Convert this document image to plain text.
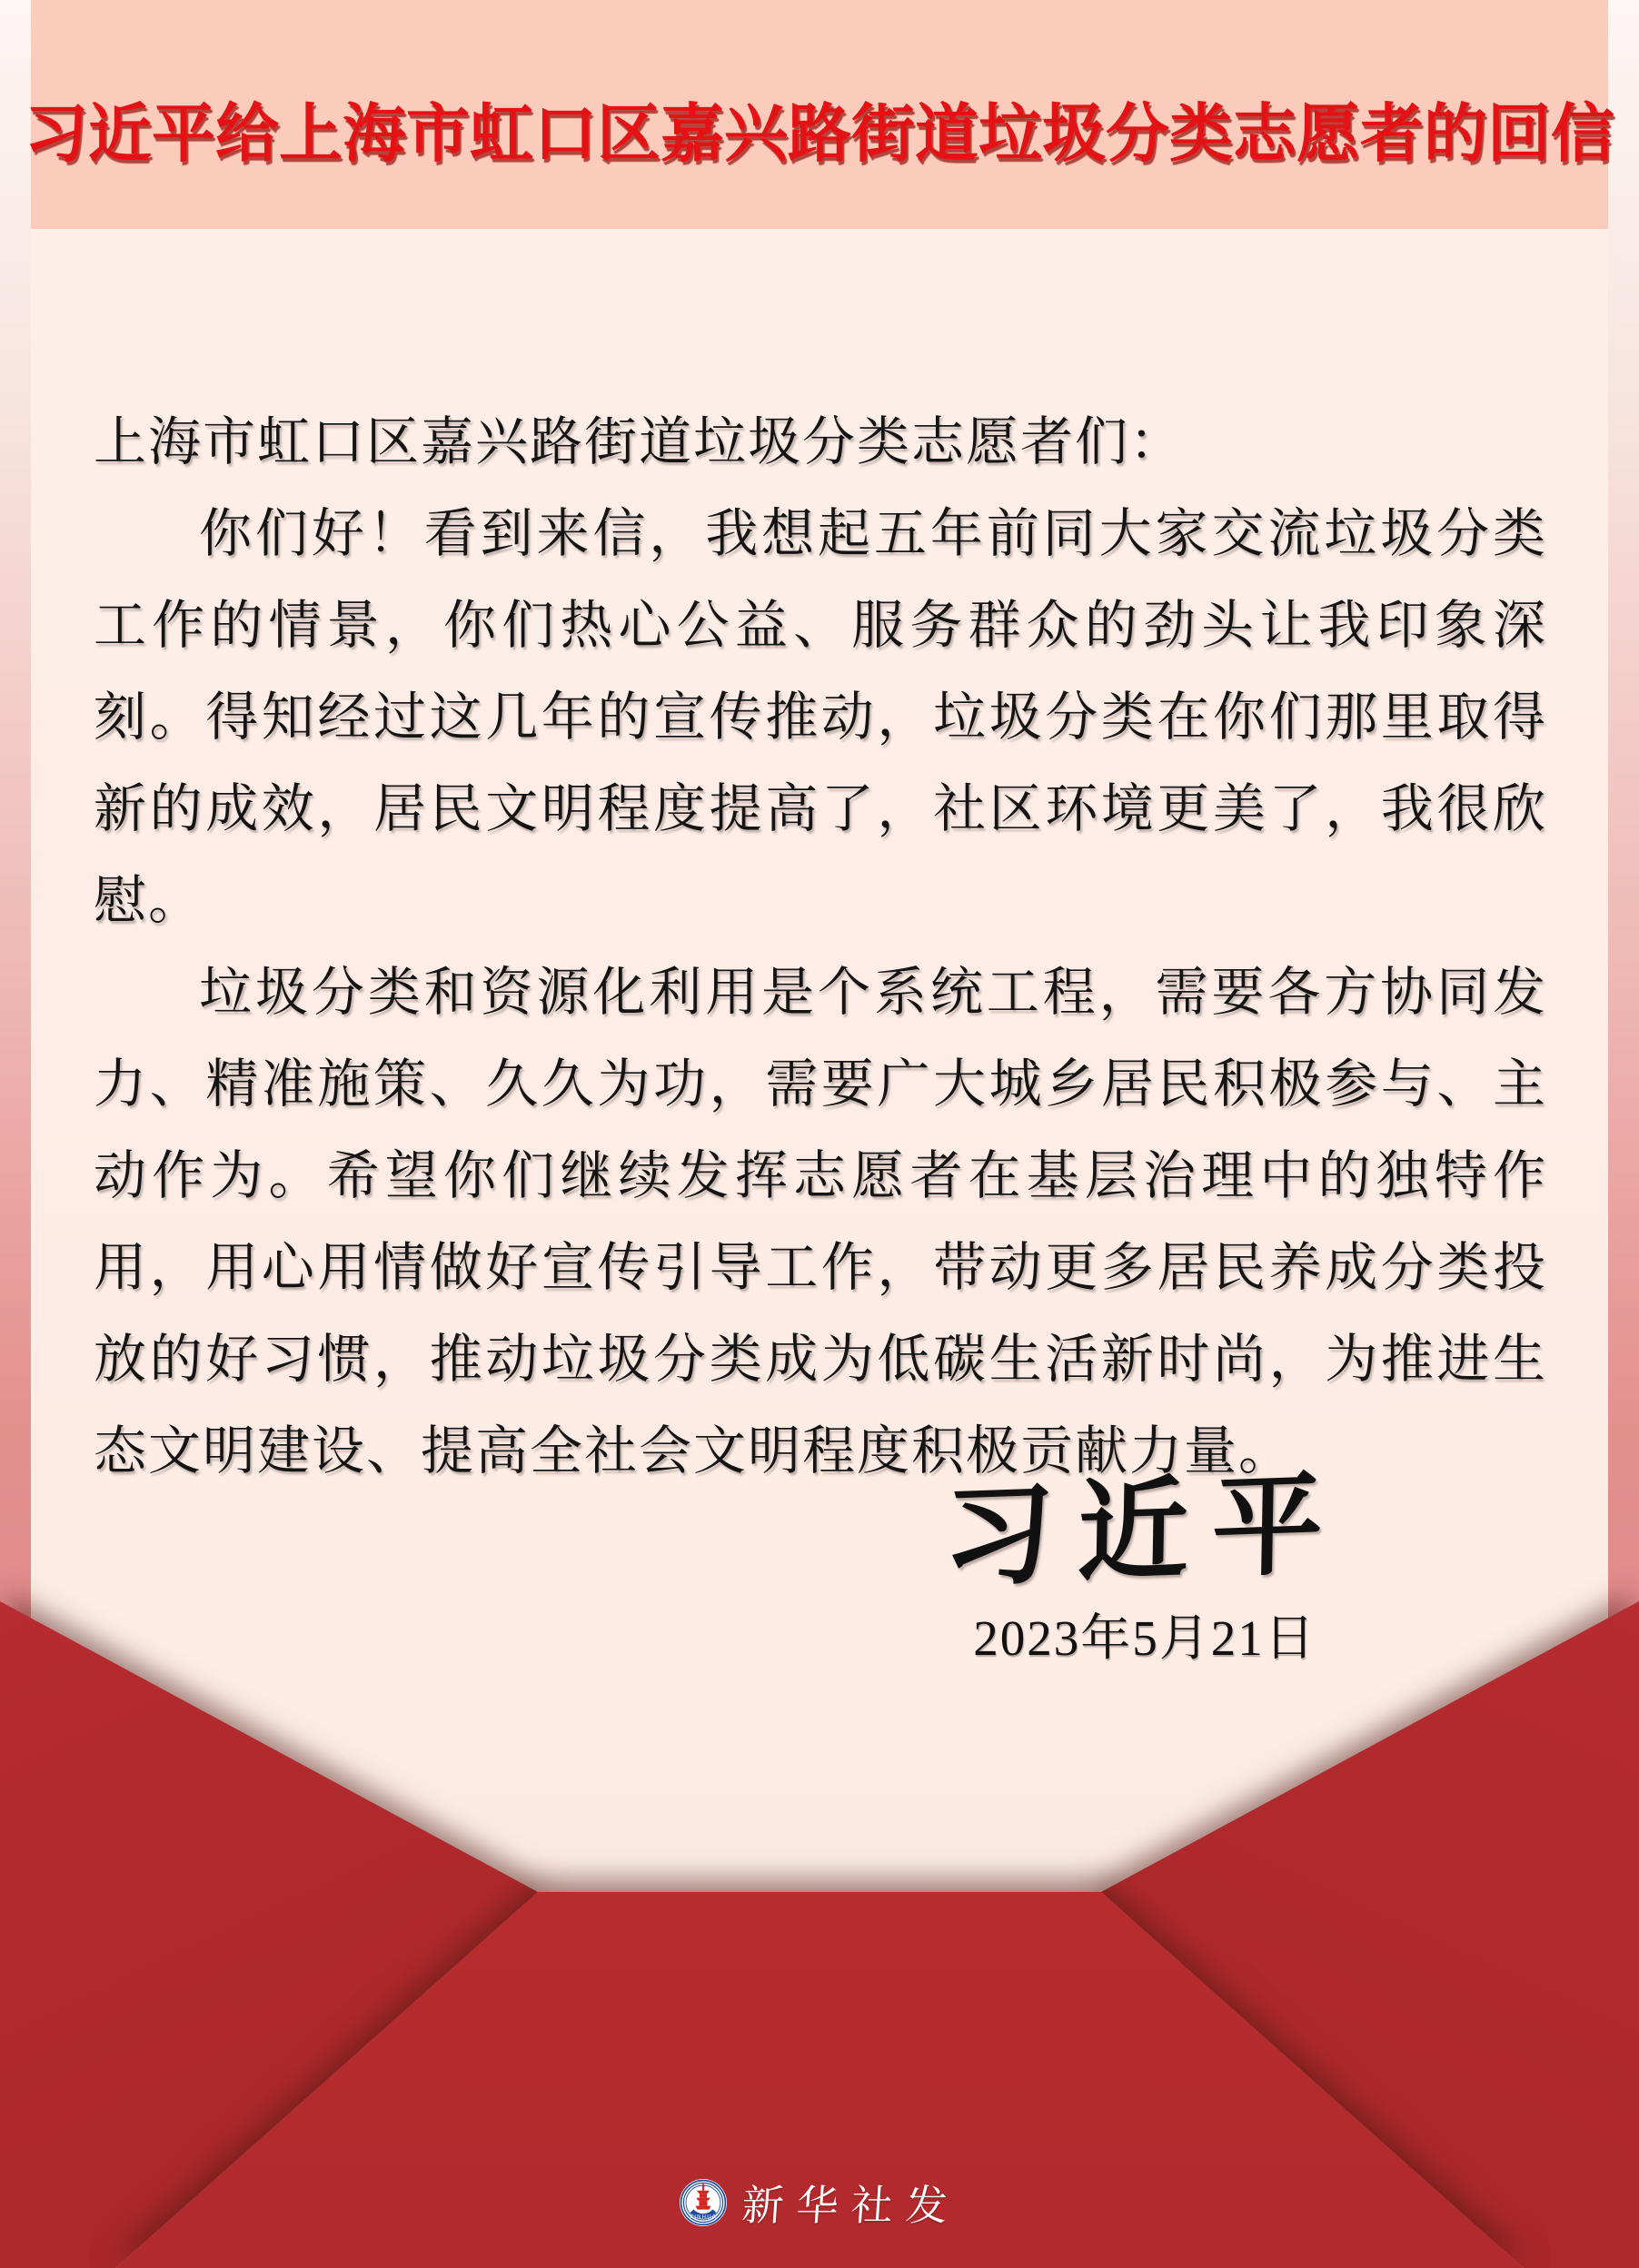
习近平给上海市虹口区嘉兴路街道垃圾分类志愿者的回信

上海市虹口区嘉兴路街道垃圾分类志愿者们：

你们好！看到来信，我想起五年前同大家交流垃圾分类工作的情景，你们热心公益、服务群众的劲头让我印象深刻。得知经过这几年的宣传推动，垃圾分类在你们那里取得新的成效，居民文明程度提高了，社区环境更美了，我很欣慰。

垃圾分类和资源化利用是个系统工程，需要各方协同发力、精准施策、久久为功，需要广大城乡居民积极参与、主动作为。希望你们继续发挥志愿者在基层治理中的独特作用，用心用情做好宣传引导工作，带动更多居民养成分类投放的好习惯，推动垃圾分类成为低碳生活新时尚，为推进生态文明建设、提高全社会文明程度积极贡献力量。

习近平
2023年5月21日
XINHUA 新华社发
